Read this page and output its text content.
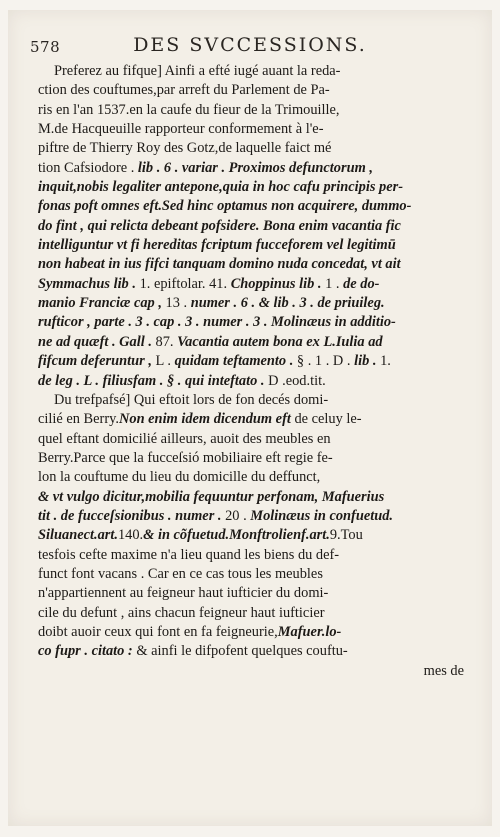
578	DES SVCCESSIONS.
Preferez au fifque] Ainfi a efté iugé auant la reda-
ction des couftumes,par arreft du Parlement de Pa-
ris en l'an 1537.en la caufe du fieur de la Trimouille,
M.de Hacqueuille rapporteur conformement à l'e-
piftre de Thierry Roy des Gotz,de laquelle faict mé
tion Cafsiodore . lib . 6 . variar . Proximos defunctorum ,
inquit,nobis legaliter antepone,quia in hoc cafu principis per-
fonas poft omnes eft.Sed hinc optamus non acquirere, dummo-
do fint , qui relicta debeant pofsidere. Bona enim vacantia fic
intelliguntur vt fi hereditas fcriptum fucceforem vel legitimū
non habeat in ius fifci tanquam domino nuda concedat, vt ait
Symmachus lib . 1. epiftolar. 41. Choppinus lib . 1 . de do-
manio Franciæ cap , 13 . numer . 6 . & lib . 3 . de priuileg.
rufticor , parte . 3 . cap . 3 . numer . 3 . Molinæus in additio-
ne ad quæft . Gall . 87. Vacantia autem bona ex L.Iulia ad
fifcum deferuntur , L . quidam teftamento . § . 1 . D . lib . 1.
de leg . L . filiusfam . § . qui inteftato . D .eod.tit.
Du trefpafsé] Qui eftoit lors de fon decés domi-
cilié en Berry.Non enim idem dicendum eft de celuy le-
quel eftant domicilié ailleurs, auoit des meubles en
Berry.Parce que la fucceſsió mobiliaire eft regie fe-
lon la couftume du lieu du domicille du deffunct,
& vt vulgo dicitur,mobilia fequuntur perfonam, Mafuerius
tit . de fucceſsionibus . numer . 20 . Molinæus in confuetud.
Siluanect.art.140.& in cõfuetud.Monftrolienf.art.9.Tou
tesfois cefte maxime n'a lieu quand les biens du def-
funct font vacans . Car en ce cas tous les meubles
n'appartiennent au feigneur haut iufticier du domi-
cile du defunt , ains chacun feigneur haut iufticier
doibt auoir ceux qui font en fa feigneurie,Mafuer.lo-
co fupr . citato : & ainfi le difpofent quelques couftu-
mes de
